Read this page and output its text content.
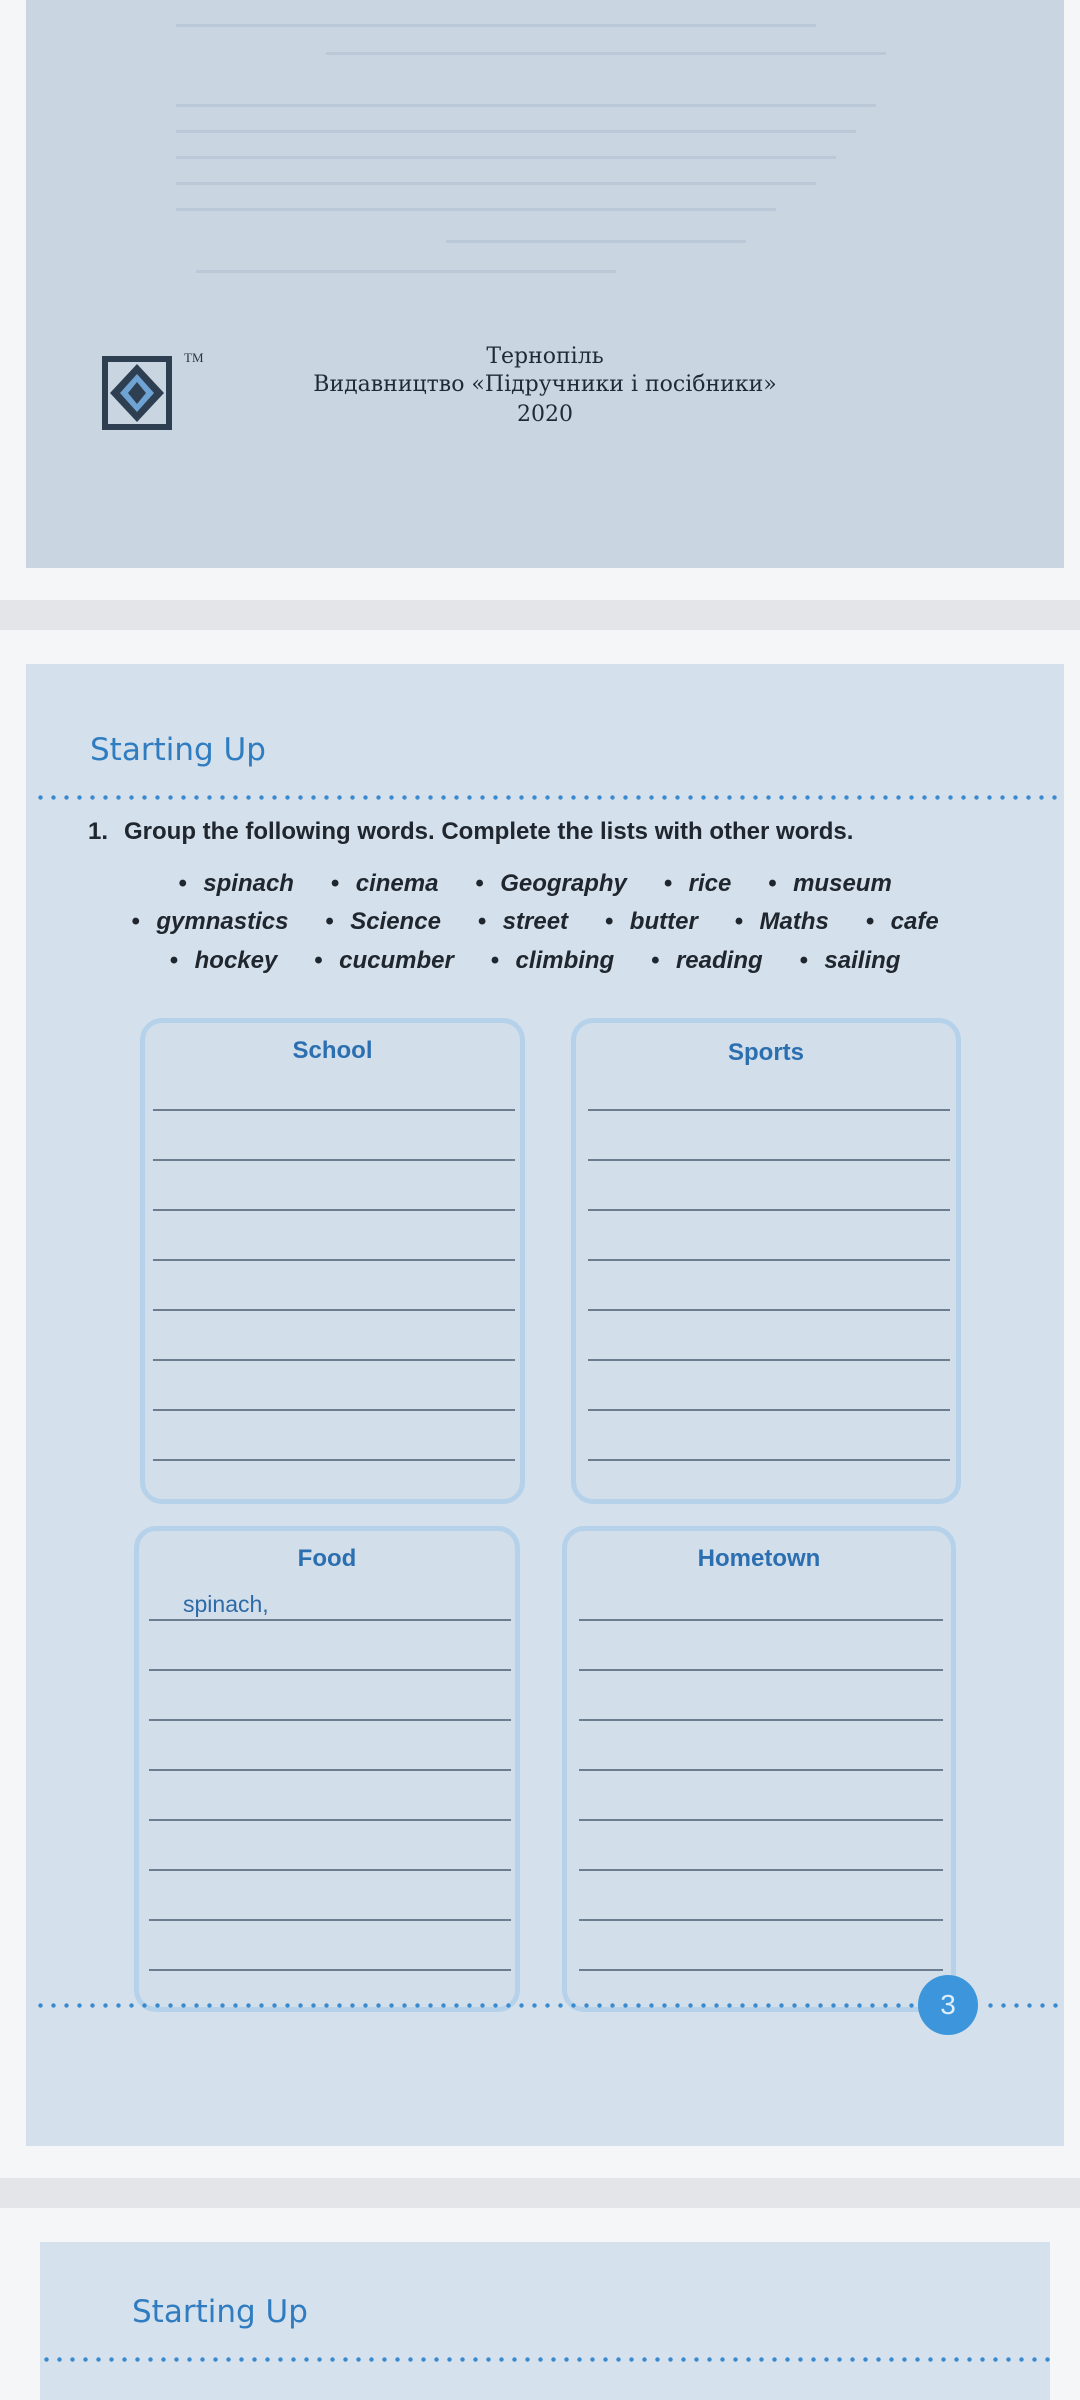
TM	Тернопіль
Видавництво «Підручники і посібники»
2020
Starting Up
1. Group the following words. Complete the lists with other words.
• spinach • cinema • Geography • rice • museum
• gymnastics • Science • street • butter • Maths • cafe
• hockey • cucumber • climbing • reading • sailing
School	Sports
Food
spinach,
Hometown
3
Starting Up
